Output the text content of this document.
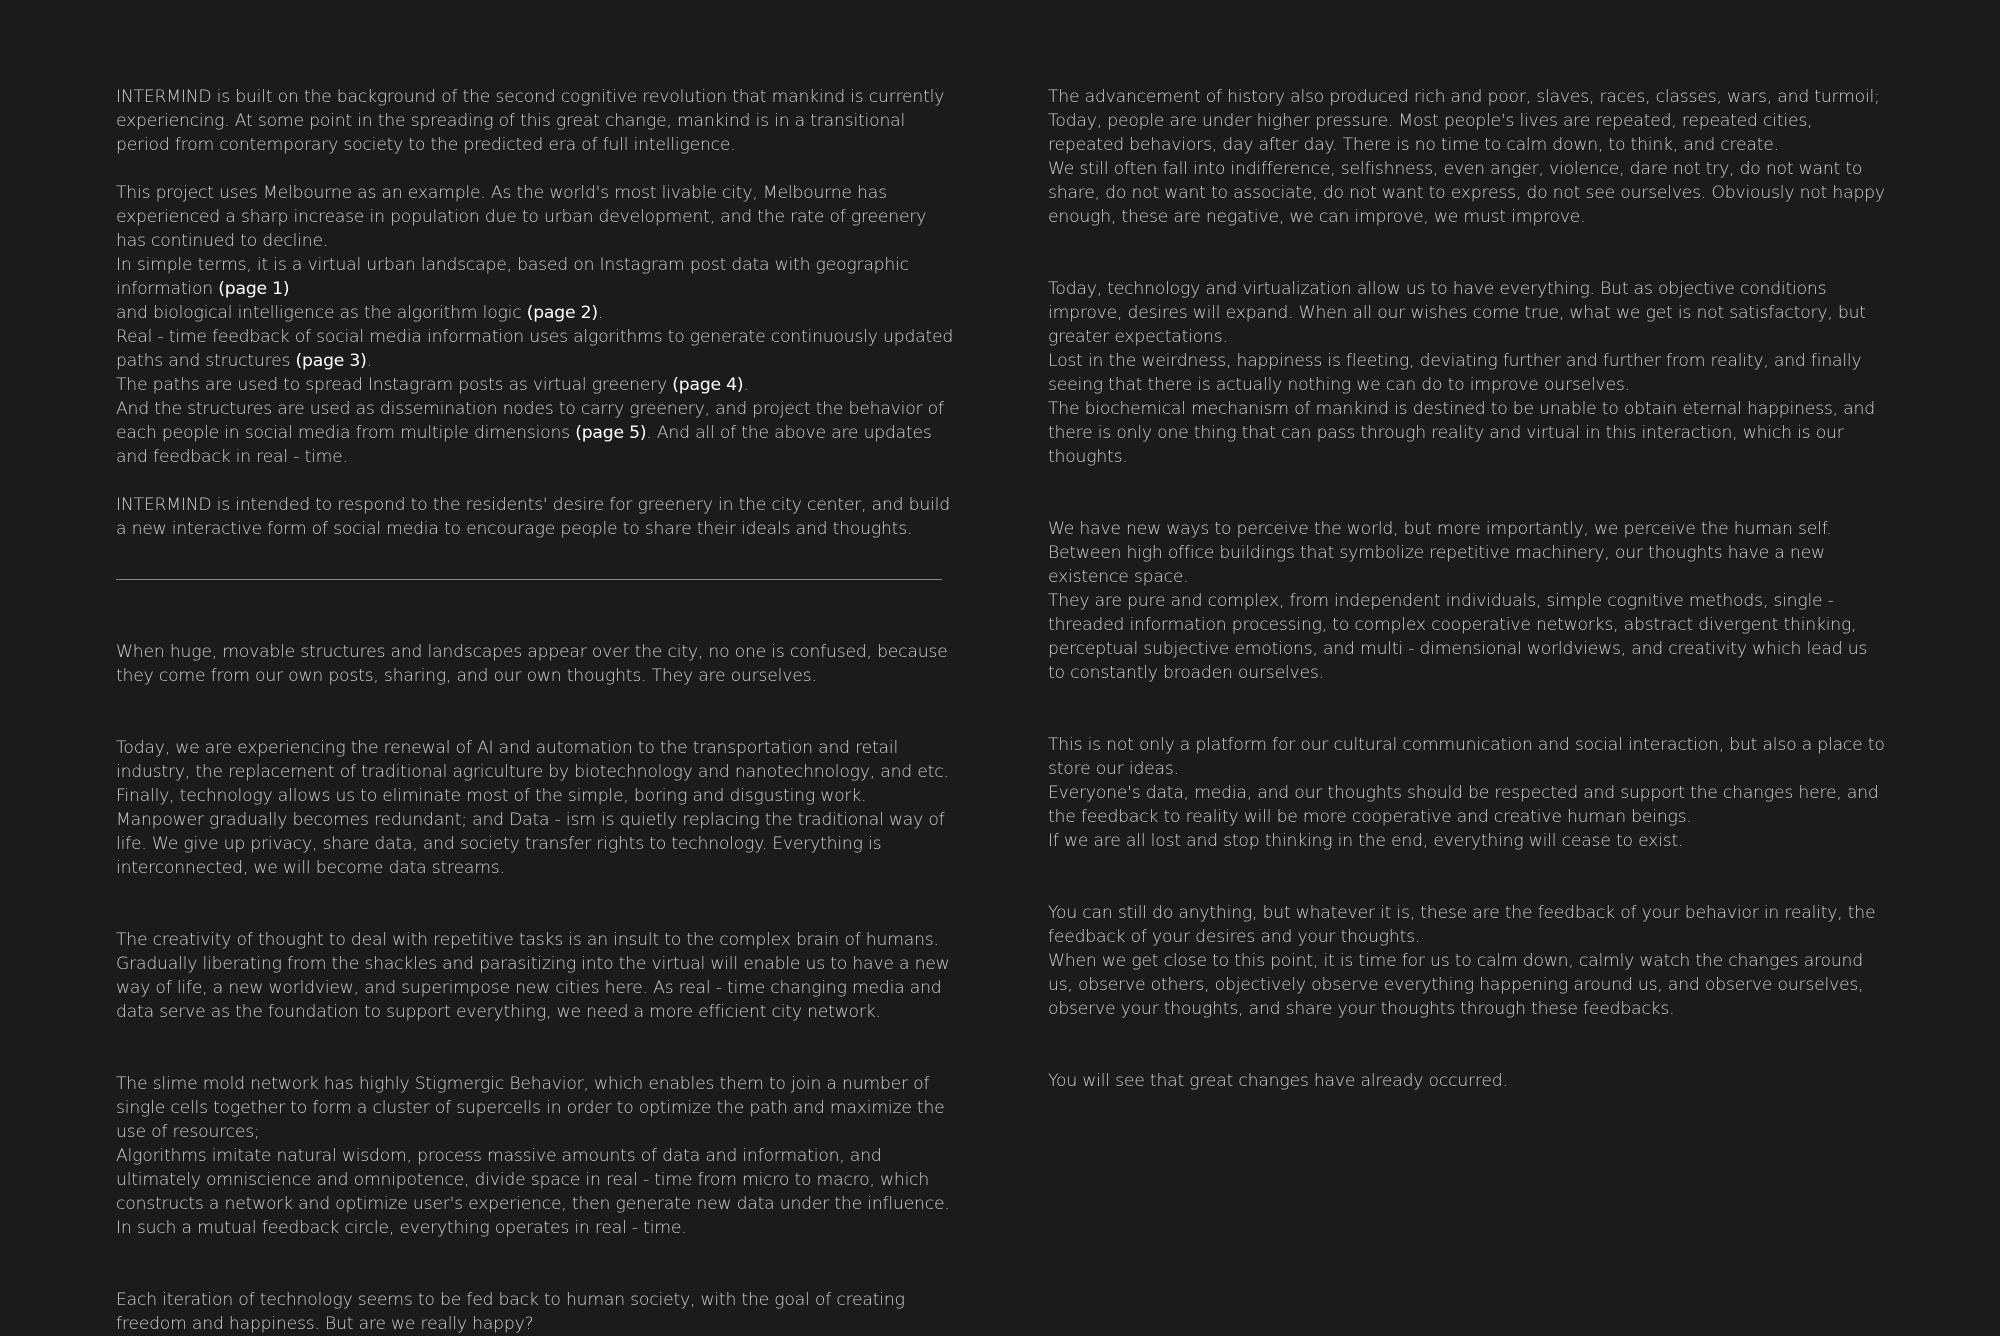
INTERMIND is built on the background of the second cognitive revolution that mankind is currently experiencing. At some point in the spreading of this great change, mankind is in a transitional period from contemporary society to the predicted era of full intelligence.

This project uses Melbourne as an example. As the world's most livable city, Melbourne has experienced a sharp increase in population due to urban development, and the rate of greenery has continued to decline.
In simple terms, it is a virtual urban landscape, based on Instagram post data with geographic information (page 1)
and biological intelligence as the algorithm logic (page 2).
Real - time feedback of social media information uses algorithms to generate continuously updated paths and structures (page 3).
The paths are used to spread Instagram posts as virtual greenery (page 4).
And the structures are used as dissemination nodes to carry greenery, and project the behavior of each people in social media from multiple dimensions (page 5). And all of the above are updates and feedback in real - time.

INTERMIND is intended to respond to the residents' desire for greenery in the city center, and build a new interactive form of social media to encourage people to share their ideals and thoughts.

When huge, movable structures and landscapes appear over the city, no one is confused, because they come from our own posts, sharing, and our own thoughts. They are ourselves.

Today, we are experiencing the renewal of AI and automation to the transportation and retail industry, the replacement of traditional agriculture by biotechnology and nanotechnology, and etc.
Finally, technology allows us to eliminate most of the simple, boring and disgusting work. Manpower gradually becomes redundant; and Data - ism is quietly replacing the traditional way of life. We give up privacy, share data, and society transfer rights to technology. Everything is interconnected, we will become data streams.

The creativity of thought to deal with repetitive tasks is an insult to the complex brain of humans. Gradually liberating from the shackles and parasitizing into the virtual will enable us to have a new way of life, a new worldview, and superimpose new cities here. As real - time changing media and data serve as the foundation to support everything, we need a more efficient city network.

The slime mold network has highly Stigmergic Behavior, which enables them to join a number of single cells together to form a cluster of supercells in order to optimize the path and maximize the use of resources;
Algorithms imitate natural wisdom, process massive amounts of data and information, and ultimately omniscience and omnipotence, divide space in real - time from micro to macro, which constructs a network and optimize user's experience, then generate new data under the influence. In such a mutual feedback circle, everything operates in real - time.

Each iteration of technology seems to be fed back to human society, with the goal of creating freedom and happiness. But are we really happy?

The advancement of history also produced rich and poor, slaves, races, classes, wars, and turmoil;
Today, people are under higher pressure. Most people's lives are repeated, repeated cities, repeated behaviors, day after day. There is no time to calm down, to think, and create.
We still often fall into indifference, selfishness, even anger, violence, dare not try, do not want to share, do not want to associate, do not want to express, do not see ourselves. Obviously not happy enough, these are negative, we can improve, we must improve.

Today, technology and virtualization allow us to have everything. But as objective conditions improve, desires will expand. When all our wishes come true, what we get is not satisfactory, but greater expectations.
Lost in the weirdness, happiness is fleeting, deviating further and further from reality, and finally seeing that there is actually nothing we can do to improve ourselves.
The biochemical mechanism of mankind is destined to be unable to obtain eternal happiness, and there is only one thing that can pass through reality and virtual in this interaction, which is our thoughts.

We have new ways to perceive the world, but more importantly, we perceive the human self.
Between high office buildings that symbolize repetitive machinery, our thoughts have a new existence space.
They are pure and complex, from independent individuals, simple cognitive methods, single - threaded information processing, to complex cooperative networks, abstract divergent thinking, perceptual subjective emotions, and multi - dimensional worldviews, and creativity which lead us to constantly broaden ourselves.

This is not only a platform for our cultural communication and social interaction, but also a place to store our ideas.
Everyone's data, media, and our thoughts should be respected and support the changes here, and the feedback to reality will be more cooperative and creative human beings.
If we are all lost and stop thinking in the end, everything will cease to exist.

You can still do anything, but whatever it is, these are the feedback of your behavior in reality, the feedback of your desires and your thoughts.
When we get close to this point, it is time for us to calm down, calmly watch the changes around us, observe others, objectively observe everything happening around us, and observe ourselves, observe your thoughts, and share your thoughts through these feedbacks.

You will see that great changes have already occurred.
